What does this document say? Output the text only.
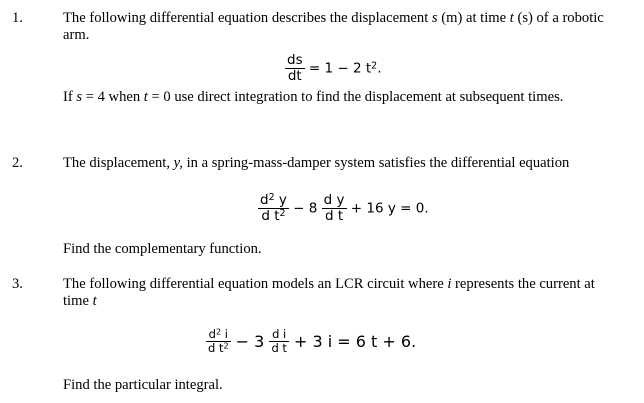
1.	The following differential equation describes the displacement s (m) at time t (s) of a robotic arm.
$\frac{ds}{dt} = 1 - 2$ $t^2$.
If s = 4 when t = 0 use direct integration to find the displacement at subsequent times.
2.	The displacement, y, in a spring-mass-damper system satisfies the differential equation
$\frac{d^2 y}{d t^2} - 8 \frac{\text{d y}}{\text{d t}} + 16$ y = 0.
Find the complementary function.
3.	The following differential equation models an LCR circuit where i represents the current at time t
$\frac{d^2 i}{d t^2} - 3 \frac{\text{d i}}{\text{d t}} + 3$ i = 6 t + 6.
Find the particular integral.
